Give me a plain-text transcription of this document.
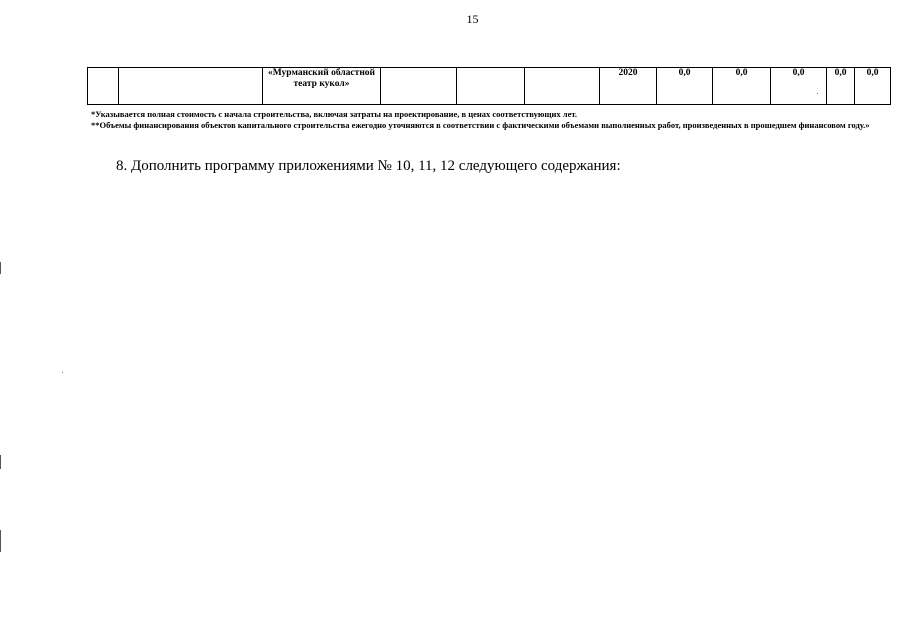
15
		«Мурманский областной театр кукол»				2020	0,0	0,0	0,0	0,0	0,0

*Указывается полная стоимость с начала строительства, включая затраты на проектирование, в ценах соответствующих лет.

**Объемы финансирования объектов капитального строительства ежегодно уточняются в соответствии с фактическими объемами выполненных работ, произведенных в прошедшем финансовом году.»

8. Дополнить программу приложениями № 10, 11, 12 следующего содержания:
